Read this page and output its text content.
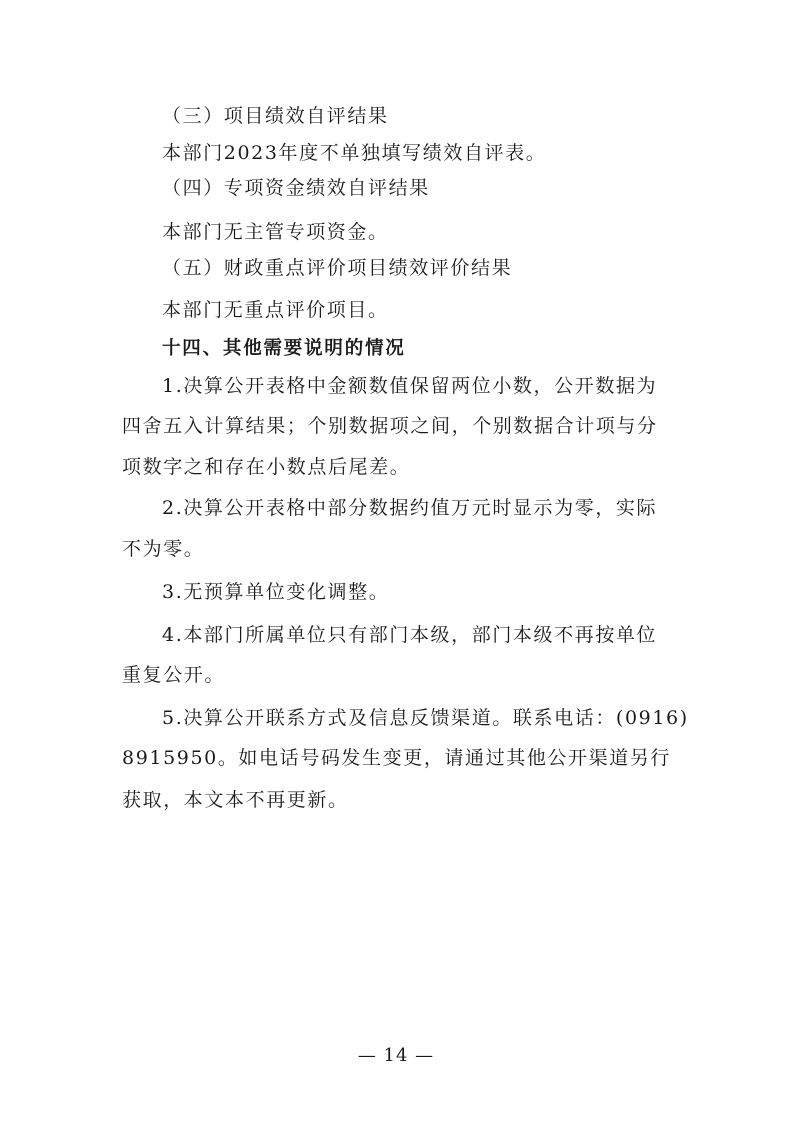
（三）项目绩效自评结果
本部门2023年度不单独填写绩效自评表。
（四）专项资金绩效自评结果
本部门无主管专项资金。
（五）财政重点评价项目绩效评价结果
本部门无重点评价项目。
十四、其他需要说明的情况
1.决算公开表格中金额数值保留两位小数，公开数据为
四舍五入计算结果；个别数据项之间，个别数据合计项与分
项数字之和存在小数点后尾差。
2.决算公开表格中部分数据约值万元时显示为零，实际
不为零。
3.无预算单位变化调整。
4.本部门所属单位只有部门本级，部门本级不再按单位
重复公开。
5.决算公开联系方式及信息反馈渠道。联系电话：(0916)
8915950。如电话号码发生变更，请通过其他公开渠道另行
获取，本文本不再更新。
— 14 —
